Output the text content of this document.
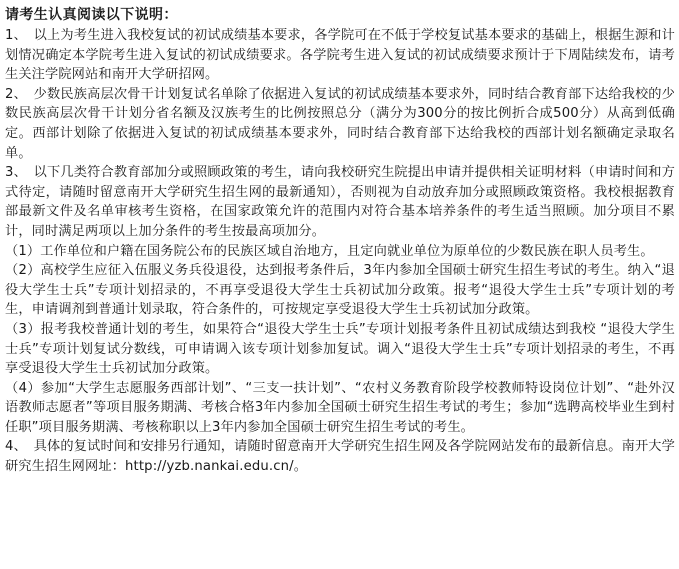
请考生认真阅读以下说明：

1、　以上为考生进入我校复试的初试成绩基本要求，各学院可在不低于学校复试基本要求的基础上，根据生源和计划情况确定本学院考生进入复试的初试成绩要求。各学院考生进入复试的初试成绩要求预计于下周陆续发布，请考生关注学院网站和南开大学研招网。

2、　少数民族高层次骨干计划复试名单除了依据进入复试的初试成绩基本要求外，同时结合教育部下达给我校的少数民族高层次骨干计划分省名额及汉族考生的比例按照总分（满分为300分的按比例折合成500分）从高到低确定。西部计划除了依据进入复试的初试成绩基本要求外，同时结合教育部下达给我校的西部计划名额确定录取名单。

3、　以下几类符合教育部加分或照顾政策的考生，请向我校研究生院提出申请并提供相关证明材料（申请时间和方式待定，请随时留意南开大学研究生招生网的最新通知），否则视为自动放弃加分或照顾政策资格。我校根据教育部最新文件及名单审核考生资格，在国家政策允许的范围内对符合基本培养条件的考生适当照顾。加分项目不累计，同时满足两项以上加分条件的考生按最高项加分。

（1）工作单位和户籍在国务院公布的民族区域自治地方，且定向就业单位为原单位的少数民族在职人员考生。

（2）高校学生应征入伍服义务兵役退役，达到报考条件后，3年内参加全国硕士研究生招生考试的考生。纳入“退役大学生士兵”专项计划招录的，不再享受退役大学生士兵初试加分政策。报考“退役大学生士兵”专项计划的考生，申请调剂到普通计划录取，符合条件的，可按规定享受退役大学生士兵初试加分政策。

（3）报考我校普通计划的考生，如果符合“退役大学生士兵”专项计划报考条件且初试成绩达到我校 “退役大学生士兵”专项计划复试分数线，可申请调入该专项计划参加复试。调入“退役大学生士兵”专项计划招录的考生，不再享受退役大学生士兵初试加分政策。

（4）参加“大学生志愿服务西部计划”、“三支一扶计划”、“农村义务教育阶段学校教师特设岗位计划”、“赴外汉语教师志愿者”等项目服务期满、考核合格3年内参加全国硕士研究生招生考试的考生；参加“选聘高校毕业生到村任职”项目服务期满、考核称职以上3年内参加全国硕士研究生招生考试的考生。

4、　具体的复试时间和安排另行通知，请随时留意南开大学研究生招生网及各学院网站发布的最新信息。南开大学研究生招生网网址：http://yzb.nankai.edu.cn/。
